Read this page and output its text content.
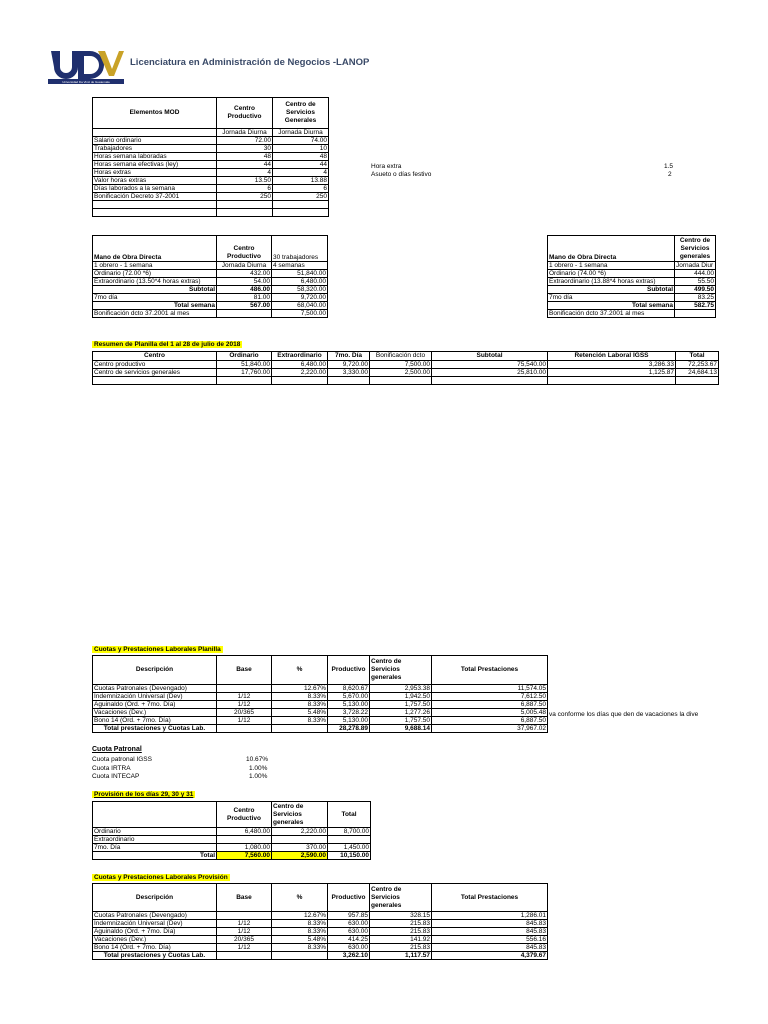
Universidad Da Vinci de Guatemala
Licenciatura en Administración de Negocios -LANOP
Elementos MOD	Centro Productivo	Centro de Servicios Generales
	Jornada Diurna	Jornada Diurna
Salario ordinario	72.00	74.00
Trabajadores	30	10
Horas semana laboradas	48	48
Horas semana efectivas (ley)	44	44
Horas extras	4	4
Valor horas extras	13.50	13.88
Días laborados a la semana	6	6
Bonificación Decreto 37-2001	250	250

Hora extra	1.5
Asueto o días festivo	2
Mano de Obra Directa	Centro Productivo	30 trabajadores
1 obrero - 1 semana	Jornada Diurna	4 semanas
Ordinario (72.00 *6)	432.00	51,840.00
Extraordinario (13.50*4 horas extras)	54.00	6,480.00
Subtotal	486.00	58,320.00
7mo día	81.00	9,720.00
Total semana	567.00	68,040.00
Bonificación dcto 37.2001 al mes		7,500.00
Mano de Obra Directa	Centro de Servicios generales
1 obrero - 1 semana	Jornada Diur
Ordinario (74.00 *6)	444.00
Extraordinario (13.88*4 horas extras)	55.50
Subtotal	499.50
7mo día	83.25
Total semana	582.75
Bonificación dcto 37.2001 al mes	
Resumen de Planilla del 1 al 28 de julio de 2018
Centro	Ordinario	Extraordinario	7mo. Día	Bonificación dcto	Subtotal	Retención Laboral IGSS	Total
Centro productivo	51,840.00	6,480.00	9,720.00	7,500.00	75,540.00	3,286.33	72,253.67
Centro de servicios generales	17,760.00	2,220.00	3,330.00	2,500.00	25,810.00	1,125.87	24,684.13

Cuotas y Prestaciones Laborales Planilla
Descripción	Base	%	Productivo	Centro de Servicios generales	Total Prestaciones
Cuotas Patronales (Devengado)		12.67%	8,620.67	2,953.38	11,574.05
Indemnización Universal (Dev)	1/12	8.33%	5,670.00	1,942.50	7,612.50
Aguinaldo (Ord. + 7mo. Día)	1/12	8.33%	5,130.00	1,757.50	6,887.50
Vacaciones (Dev.)	20/365	5.48%	3,728.22	1,277.26	5,005.48
Bono 14 (Ord. + 7mo. Día)	1/12	8.33%	5,130.00	1,757.50	6,887.50
Total prestaciones y Cuotas Lab.			28,278.89	9,688.14	37,967.02
va conforme los días que den de vacaciones la dive
Cuota Patronal
Cuota patronal IGSS	10.67%
Cuota IRTRA	1.00%
Cuota INTECAP	1.00%
Provisión de los días 29, 30 y 31
	Centro Productivo	Centro de Servicios generales	Total
Ordinario	6,480.00	2,220.00	8,700.00
Extraordinario			
7mo. Día	1,080.00	370.00	1,450.00
Total	7,560.00	2,590.00	10,150.00
Cuotas y Prestaciones Laborales Provisión
Descripción	Base	%	Productivo	Centro de Servicios generales	Total Prestaciones
Cuotas Patronales (Devengado)		12.67%	957.85	328.15	1,286.01
Indemnización Universal (Dev)	1/12	8.33%	630.00	215.83	845.83
Aguinaldo (Ord. + 7mo. Día)	1/12	8.33%	630.00	215.83	845.83
Vacaciones (Dev.)	20/365	5.48%	414.25	141.92	556.16
Bono 14 (Ord. + 7mo. Día)	1/12	8.33%	630.00	215.83	845.83
Total prestaciones y Cuotas Lab.			3,262.10	1,117.57	4,379.67
